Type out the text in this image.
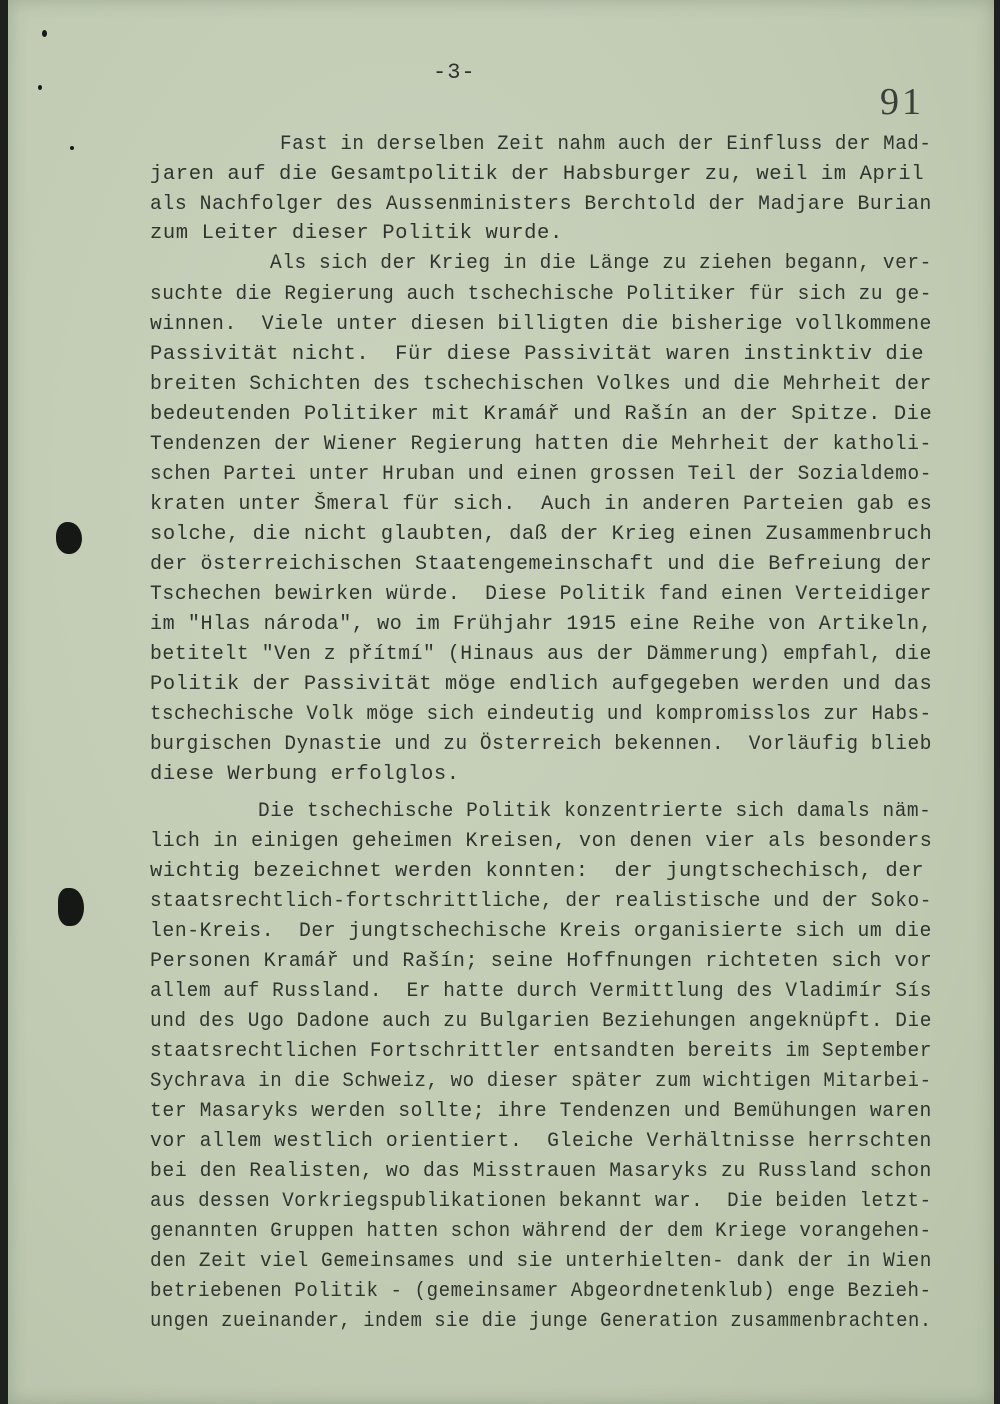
-3-
91
Fast in derselben Zeit nahm auch der Einfluss der Mad-
jaren auf die Gesamtpolitik der Habsburger zu, weil im April
als Nachfolger des Aussenministers Berchtold der Madjare Burian
zum Leiter dieser Politik wurde.
Als sich der Krieg in die Länge zu ziehen begann, ver-
suchte die Regierung auch tschechische Politiker für sich zu ge-
winnen.  Viele unter diesen billigten die bisherige vollkommene
Passivität nicht.  Für diese Passivität waren instinktiv die
breiten Schichten des tschechischen Volkes und die Mehrheit der
bedeutenden Politiker mit Kramář und Rašín an der Spitze. Die
Tendenzen der Wiener Regierung hatten die Mehrheit der katholi-
schen Partei unter Hruban und einen grossen Teil der Sozialdemo-
kraten unter Šmeral für sich.  Auch in anderen Parteien gab es
solche, die nicht glaubten, daß der Krieg einen Zusammenbruch
der österreichischen Staatengemeinschaft und die Befreiung der
Tschechen bewirken würde.  Diese Politik fand einen Verteidiger
im "Hlas národa", wo im Frühjahr 1915 eine Reihe von Artikeln,
betitelt "Ven z přítmí" (Hinaus aus der Dämmerung) empfahl, die
Politik der Passivität möge endlich aufgegeben werden und das
tschechische Volk möge sich eindeutig und kompromisslos zur Habs-
burgischen Dynastie und zu Österreich bekennen.  Vorläufig blieb
diese Werbung erfolglos.
Die tschechische Politik konzentrierte sich damals näm-
lich in einigen geheimen Kreisen, von denen vier als besonders
wichtig bezeichnet werden konnten:  der jungtschechisch, der
staatsrechtlich-fortschrittliche, der realistische und der Soko-
len-Kreis.  Der jungtschechische Kreis organisierte sich um die
Personen Kramář und Rašín; seine Hoffnungen richteten sich vor
allem auf Russland.  Er hatte durch Vermittlung des Vladimír Sís
und des Ugo Dadone auch zu Bulgarien Beziehungen angeknüpft. Die
staatsrechtlichen Fortschrittler entsandten bereits im September
Sychrava in die Schweiz, wo dieser später zum wichtigen Mitarbei-
ter Masaryks werden sollte; ihre Tendenzen und Bemühungen waren
vor allem westlich orientiert.  Gleiche Verhältnisse herrschten
bei den Realisten, wo das Misstrauen Masaryks zu Russland schon
aus dessen Vorkriegspublikationen bekannt war.  Die beiden letzt-
genannten Gruppen hatten schon während der dem Kriege vorangehen-
den Zeit viel Gemeinsames und sie unterhielten- dank der in Wien
betriebenen Politik - (gemeinsamer Abgeordnetenklub) enge Bezieh-
ungen zueinander, indem sie die junge Generation zusammenbrachten.
